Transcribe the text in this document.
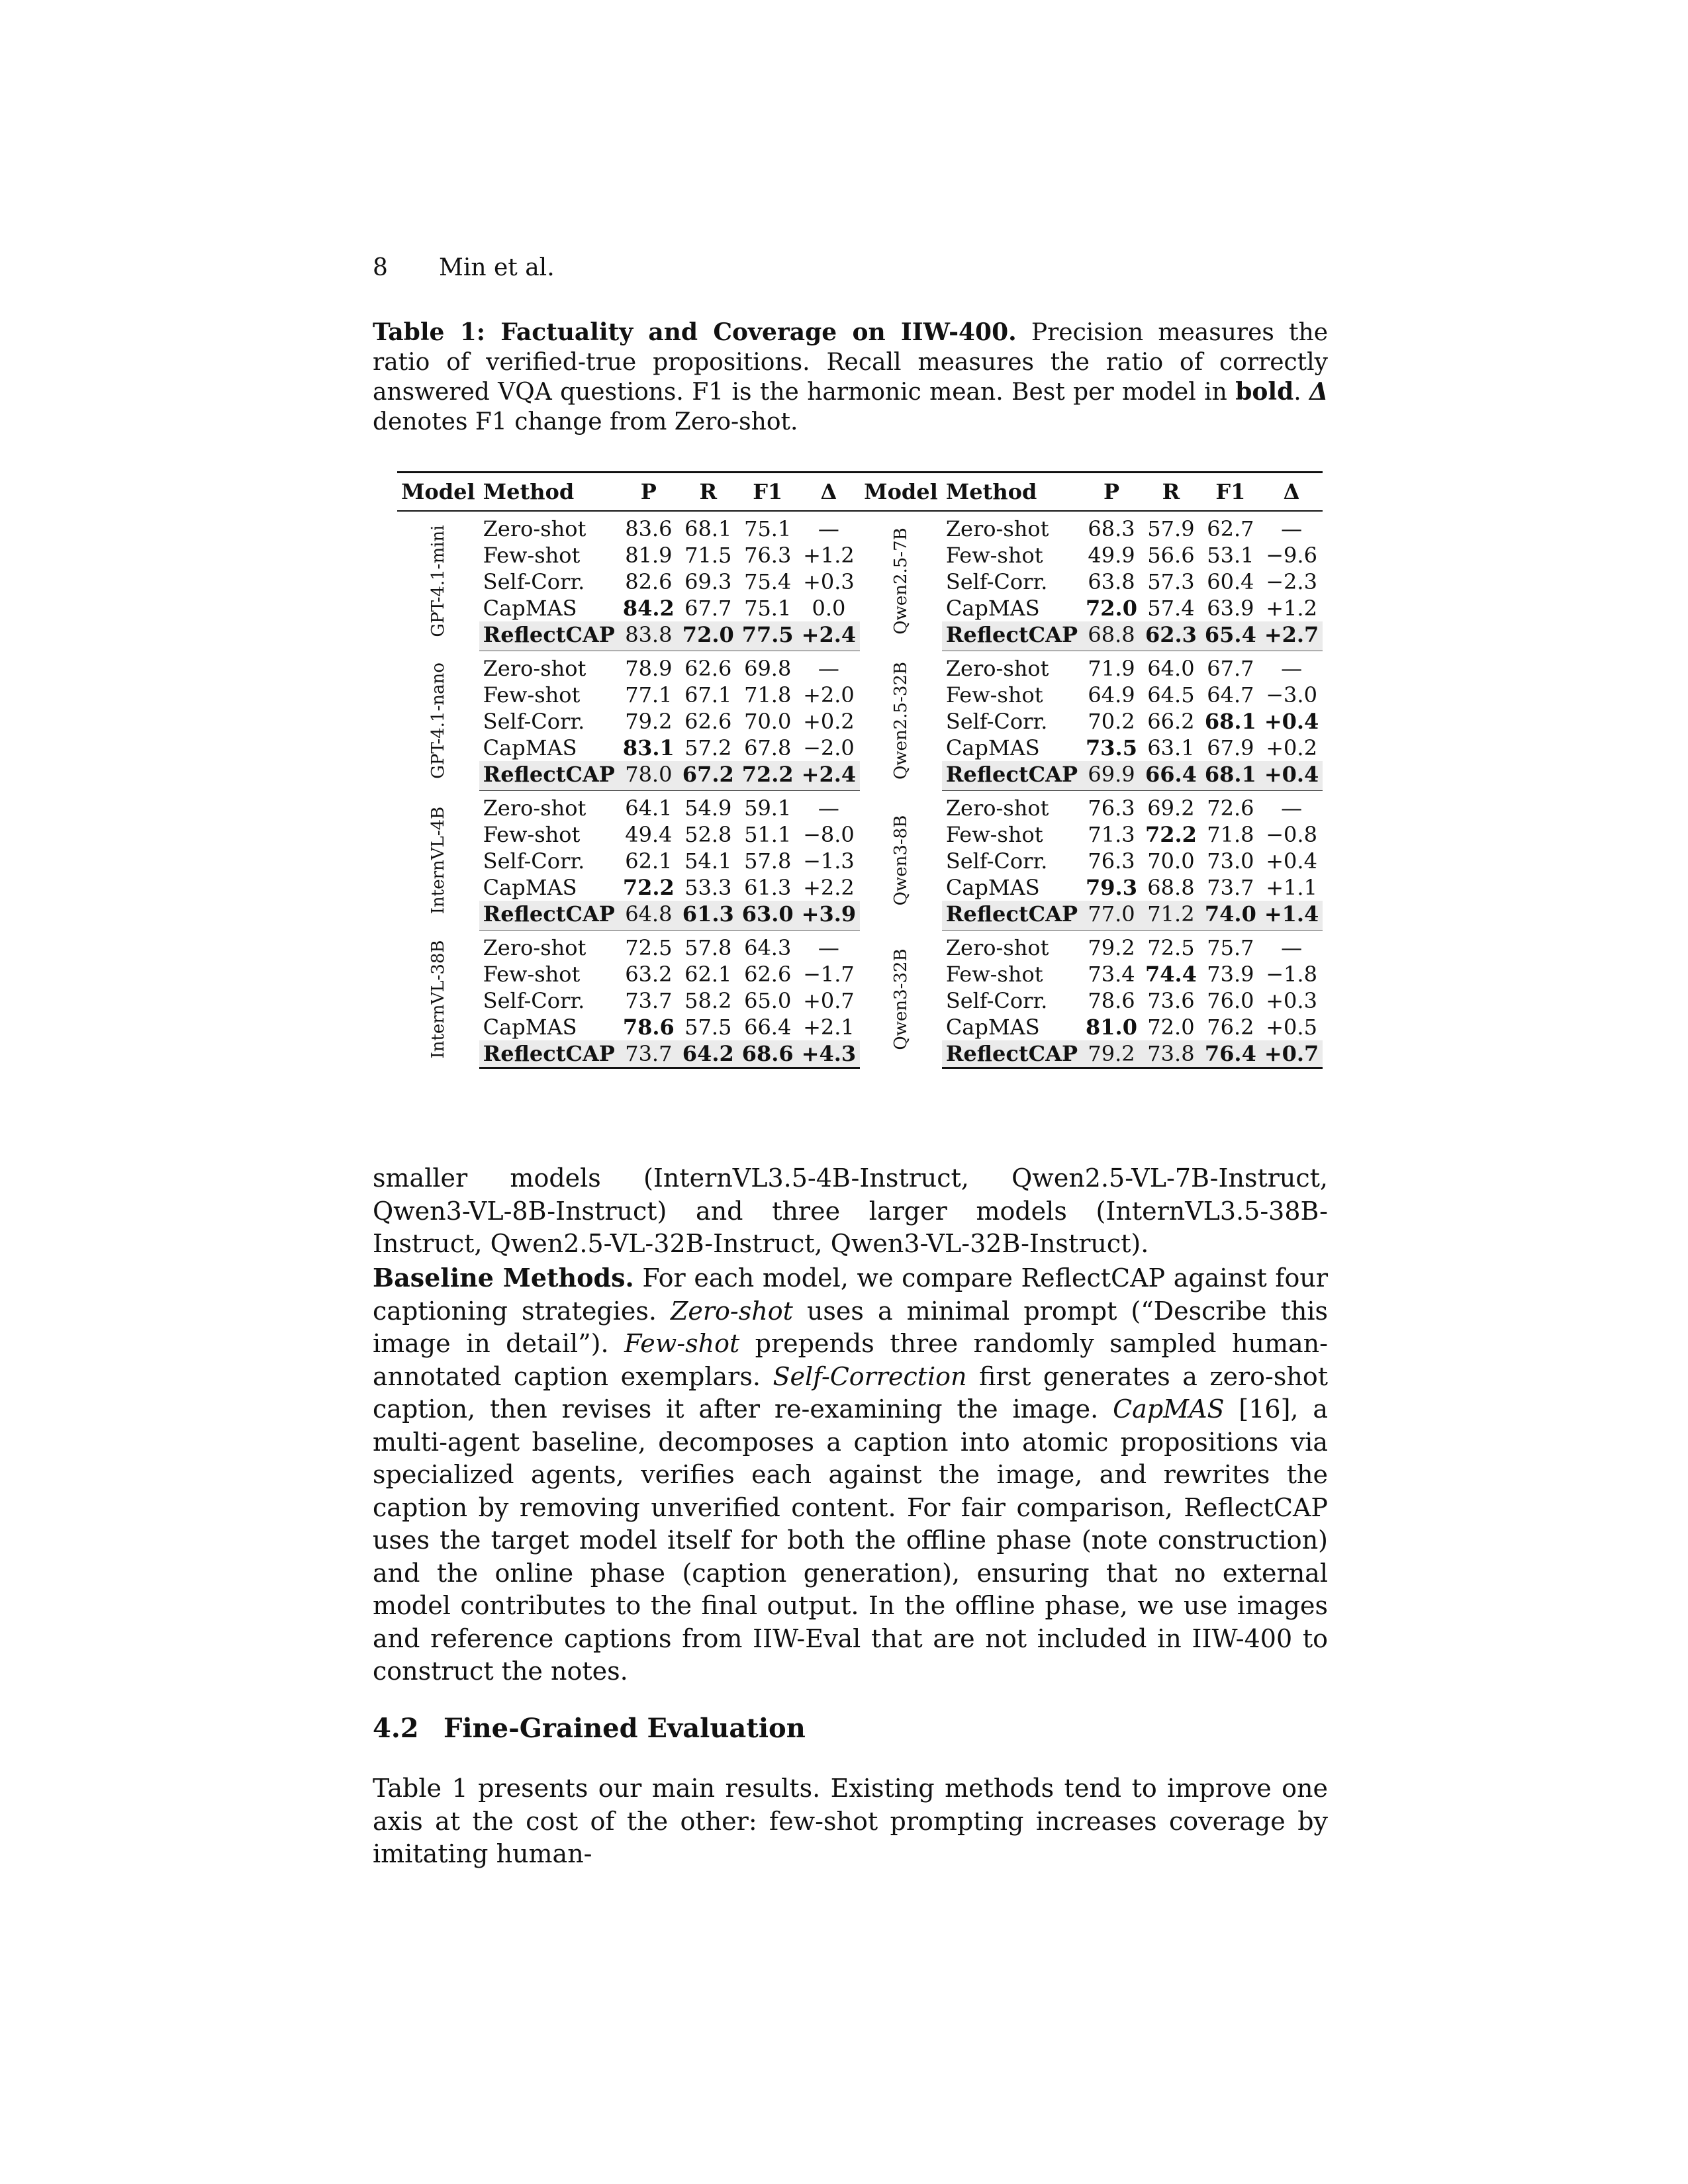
8 Min et al.
Table 1: Factuality and Coverage on IIW-400. Precision measures the ratio of verified-true propositions. Recall measures the ratio of correctly answered VQA questions. F1 is the harmonic mean. Best per model in bold. Δ denotes F1 change from Zero-shot.
Model	Method	P	R	F1	Δ	Model	Method	P	R	F1	Δ

GPT-4.1-mini	Zero-shot	83.6	68.1	75.1	—	Qwen2.5-7B	Zero-shot	68.3	57.9	62.7	—
	Few-shot	81.9	71.5	76.3	+1.2		Few-shot	49.9	56.6	53.1	−9.6
	Self-Corr.	82.6	69.3	75.4	+0.3		Self-Corr.	63.8	57.3	60.4	−2.3
	CapMAS	84.2	67.7	75.1	0.0		CapMAS	72.0	57.4	63.9	+1.2
	ReflectCAP	83.8	72.0	77.5	+2.4		ReflectCAP	68.8	62.3	65.4	+2.7

GPT-4.1-nano	Zero-shot	78.9	62.6	69.8	—	Qwen2.5-32B	Zero-shot	71.9	64.0	67.7	—
	Few-shot	77.1	67.1	71.8	+2.0		Few-shot	64.9	64.5	64.7	−3.0
	Self-Corr.	79.2	62.6	70.0	+0.2		Self-Corr.	70.2	66.2	68.1	+0.4
	CapMAS	83.1	57.2	67.8	−2.0		CapMAS	73.5	63.1	67.9	+0.2
	ReflectCAP	78.0	67.2	72.2	+2.4		ReflectCAP	69.9	66.4	68.1	+0.4

InternVL-4B	Zero-shot	64.1	54.9	59.1	—	Qwen3-8B	Zero-shot	76.3	69.2	72.6	—
	Few-shot	49.4	52.8	51.1	−8.0		Few-shot	71.3	72.2	71.8	−0.8
	Self-Corr.	62.1	54.1	57.8	−1.3		Self-Corr.	76.3	70.0	73.0	+0.4
	CapMAS	72.2	53.3	61.3	+2.2		CapMAS	79.3	68.8	73.7	+1.1
	ReflectCAP	64.8	61.3	63.0	+3.9		ReflectCAP	77.0	71.2	74.0	+1.4

InternVL-38B	Zero-shot	72.5	57.8	64.3	—	Qwen3-32B	Zero-shot	79.2	72.5	75.7	—
	Few-shot	63.2	62.1	62.6	−1.7		Few-shot	73.4	74.4	73.9	−1.8
	Self-Corr.	73.7	58.2	65.0	+0.7		Self-Corr.	78.6	73.6	76.0	+0.3
	CapMAS	78.6	57.5	66.4	+2.1		CapMAS	81.0	72.0	76.2	+0.5
	ReflectCAP	73.7	64.2	68.6	+4.3		ReflectCAP	79.2	73.8	76.4	+0.7
smaller models (InternVL3.5-4B-Instruct, Qwen2.5-VL-7B-Instruct, Qwen3-VL-8B-Instruct) and three larger models (InternVL3.5-38B-Instruct, Qwen2.5-VL-32B-Instruct, Qwen3-VL-32B-Instruct).
Baseline Methods. For each model, we compare ReflectCAP against four captioning strategies. Zero-shot uses a minimal prompt (“Describe this image in detail”). Few-shot prepends three randomly sampled human-annotated caption exemplars. Self-Correction first generates a zero-shot caption, then revises it after re-examining the image. CapMAS [16], a multi-agent baseline, decomposes a caption into atomic propositions via specialized agents, verifies each against the image, and rewrites the caption by removing unverified content. For fair comparison, ReflectCAP uses the target model itself for both the offline phase (note construction) and the online phase (caption generation), ensuring that no external model contributes to the final output. In the offline phase, we use images and reference captions from IIW-Eval that are not included in IIW-400 to construct the notes.
4.2 Fine-Grained Evaluation
Table 1 presents our main results. Existing methods tend to improve one axis at the cost of the other: few-shot prompting increases coverage by imitating human-
